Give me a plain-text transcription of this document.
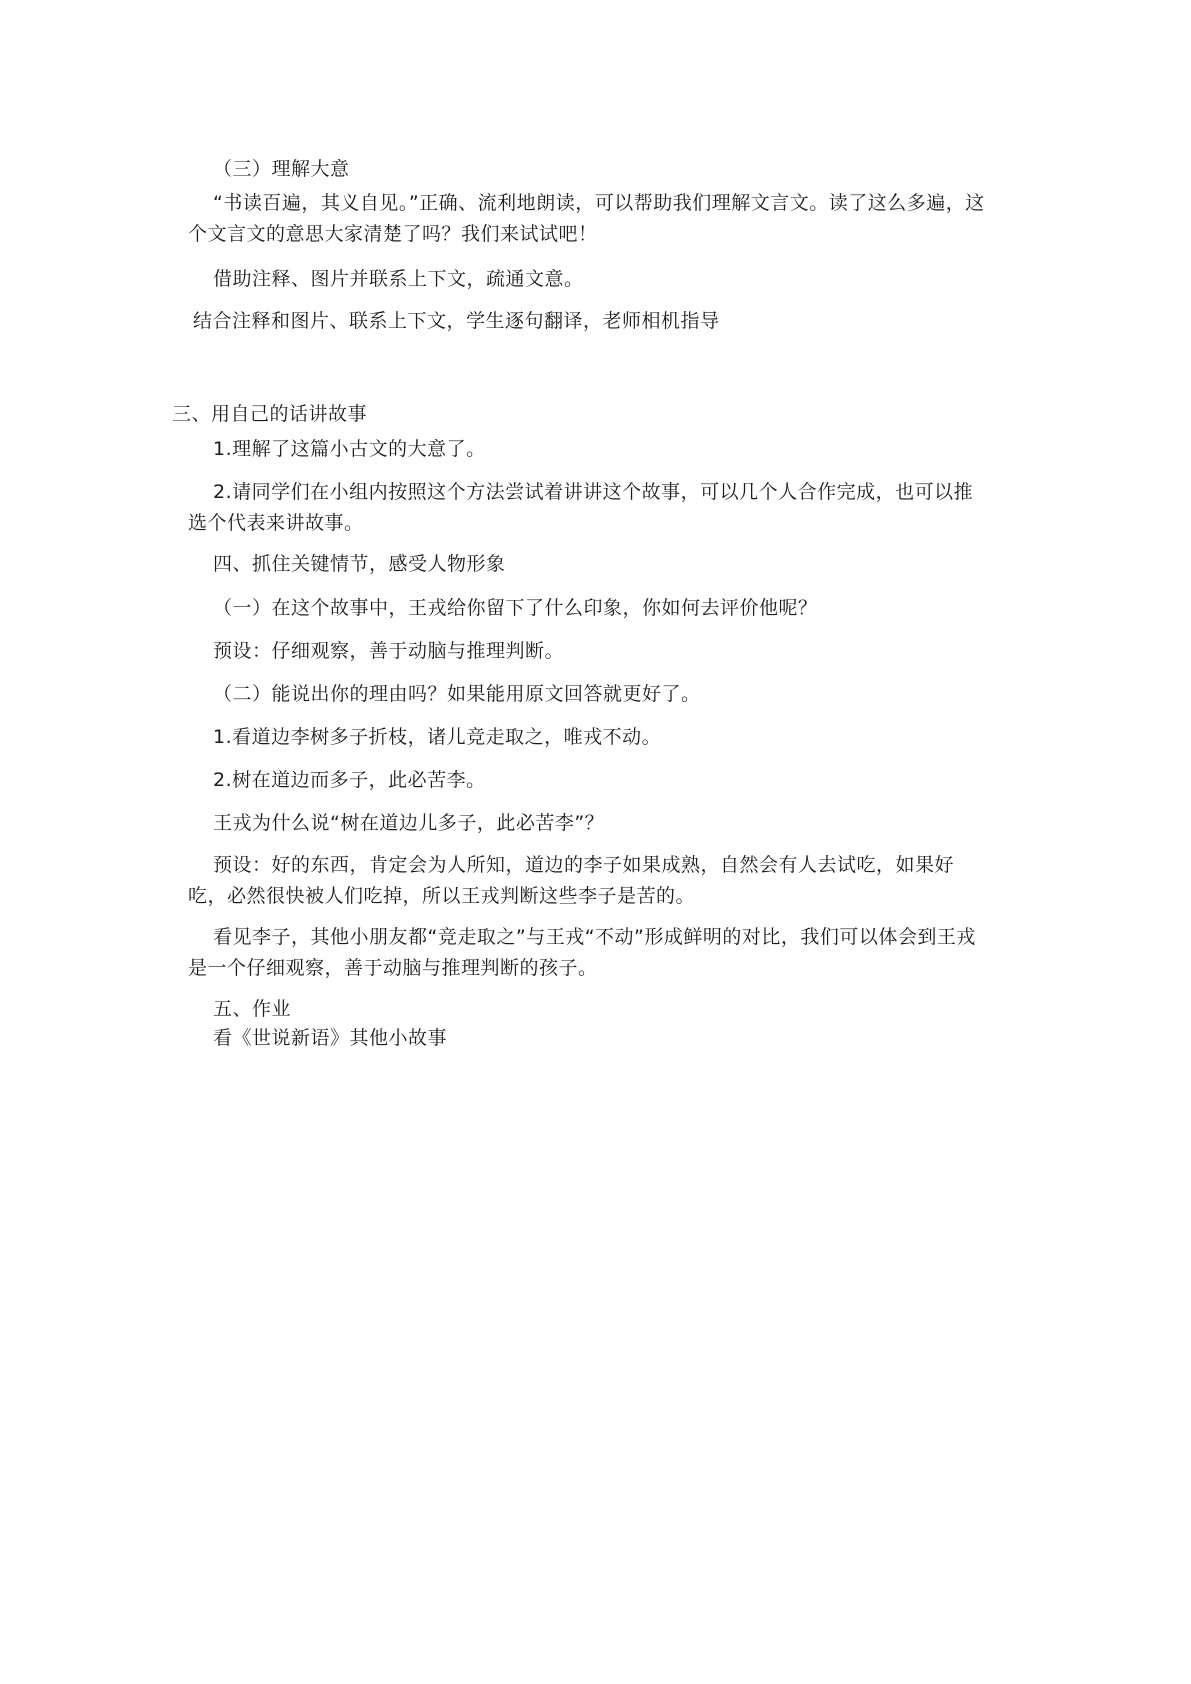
（三）理解大意

“书读百遍，其义自见。”正确、流利地朗读，可以帮助我们理解文言文。读了这么多遍，这个文言文的意思大家清楚了吗？我们来试试吧！

借助注释、图片并联系上下文，疏通文意。

结合注释和图片、联系上下文，学生逐句翻译，老师相机指导

三、用自己的话讲故事

1.理解了这篇小古文的大意了。

2.请同学们在小组内按照这个方法尝试着讲讲这个故事，可以几个人合作完成，也可以推选个代表来讲故事。

四、抓住关键情节，感受人物形象

（一）在这个故事中，王戎给你留下了什么印象，你如何去评价他呢？

预设：仔细观察，善于动脑与推理判断。

（二）能说出你的理由吗？如果能用原文回答就更好了。

1.看道边李树多子折枝，诸儿竞走取之，唯戎不动。

2.树在道边而多子，此必苦李。

王戎为什么说“树在道边儿多子，此必苦李”？

预设：好的东西，肯定会为人所知，道边的李子如果成熟，自然会有人去试吃，如果好吃，必然很快被人们吃掉，所以王戎判断这些李子是苦的。

看见李子，其他小朋友都“竞走取之”与王戎“不动”形成鲜明的对比，我们可以体会到王戎是一个仔细观察，善于动脑与推理判断的孩子。

五、作业

看《世说新语》其他小故事
